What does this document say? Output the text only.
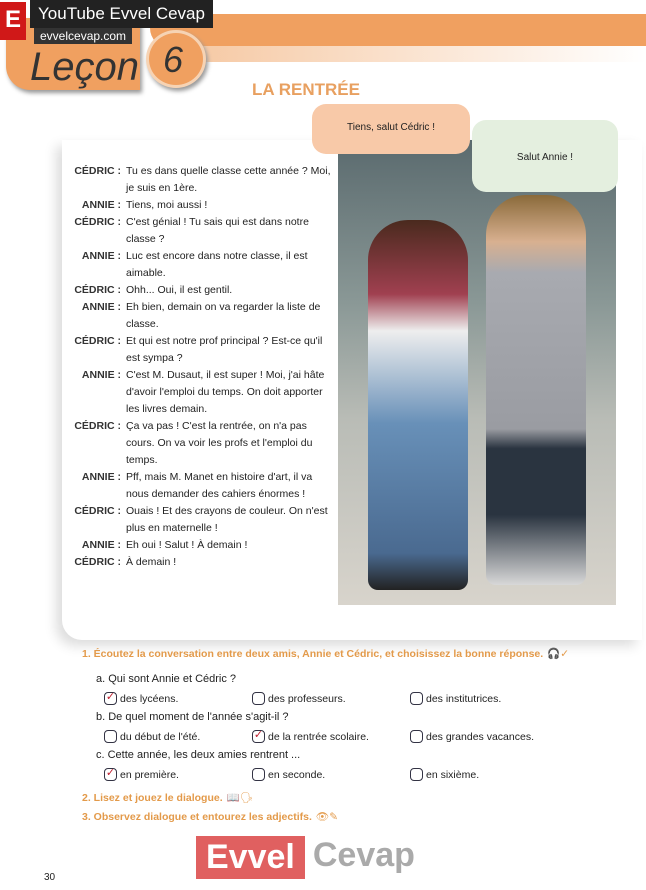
Leçon 6
E	YouTube Evvel Cevap
evvelcevap.com
LA RENTRÉE
CÉDRIC : Tu es dans quelle classe cette année ? Moi, je suis en 1ère.
ANNIE : Tiens, moi aussi !
CÉDRIC : C'est génial ! Tu sais qui est dans notre classe ?
ANNIE : Luc est encore dans notre classe, il est aimable.
CÉDRIC : Ohh... Oui, il est gentil.
ANNIE : Eh bien, demain on va regarder la liste de classe.
CÉDRIC : Et qui est notre prof principal ? Est-ce qu'il est sympa ?
ANNIE : C'est M. Dusaut, il est super ! Moi, j'ai hâte d'avoir l'emploi du temps. On doit apporter les livres demain.
CÉDRIC : Ça va pas ! C'est la rentrée, on n'a pas cours. On va voir les profs et l'emploi du temps.
ANNIE : Pff, mais M. Manet en histoire d'art, il va nous demander des cahiers énormes !
CÉDRIC : Ouais ! Et des crayons de couleur. On n'est plus en maternelle !
ANNIE : Eh oui ! Salut ! À demain !
CÉDRIC : À demain !
Tiens, salut Cédric !
Salut Annie !
1. Écoutez la conversation entre deux amis, Annie et Cédric, et choisissez la bonne réponse. 🎧✓
a. Qui sont Annie et Cédric ?
✓ des lycéens.	des professeurs.	des institutrices.
b. De quel moment de l'année s'agit-il ?
du début de l'été.	✓ de la rentrée scolaire.	des grandes vacances.
c. Cette année, les deux amies rentrent ...
✓ en première.	en seconde.	en sixième.
2. Lisez et jouez le dialogue. 📖🗣
3. Observez dialogue et entourez les adjectifs. 👁✎
Evvel Cevap
30
